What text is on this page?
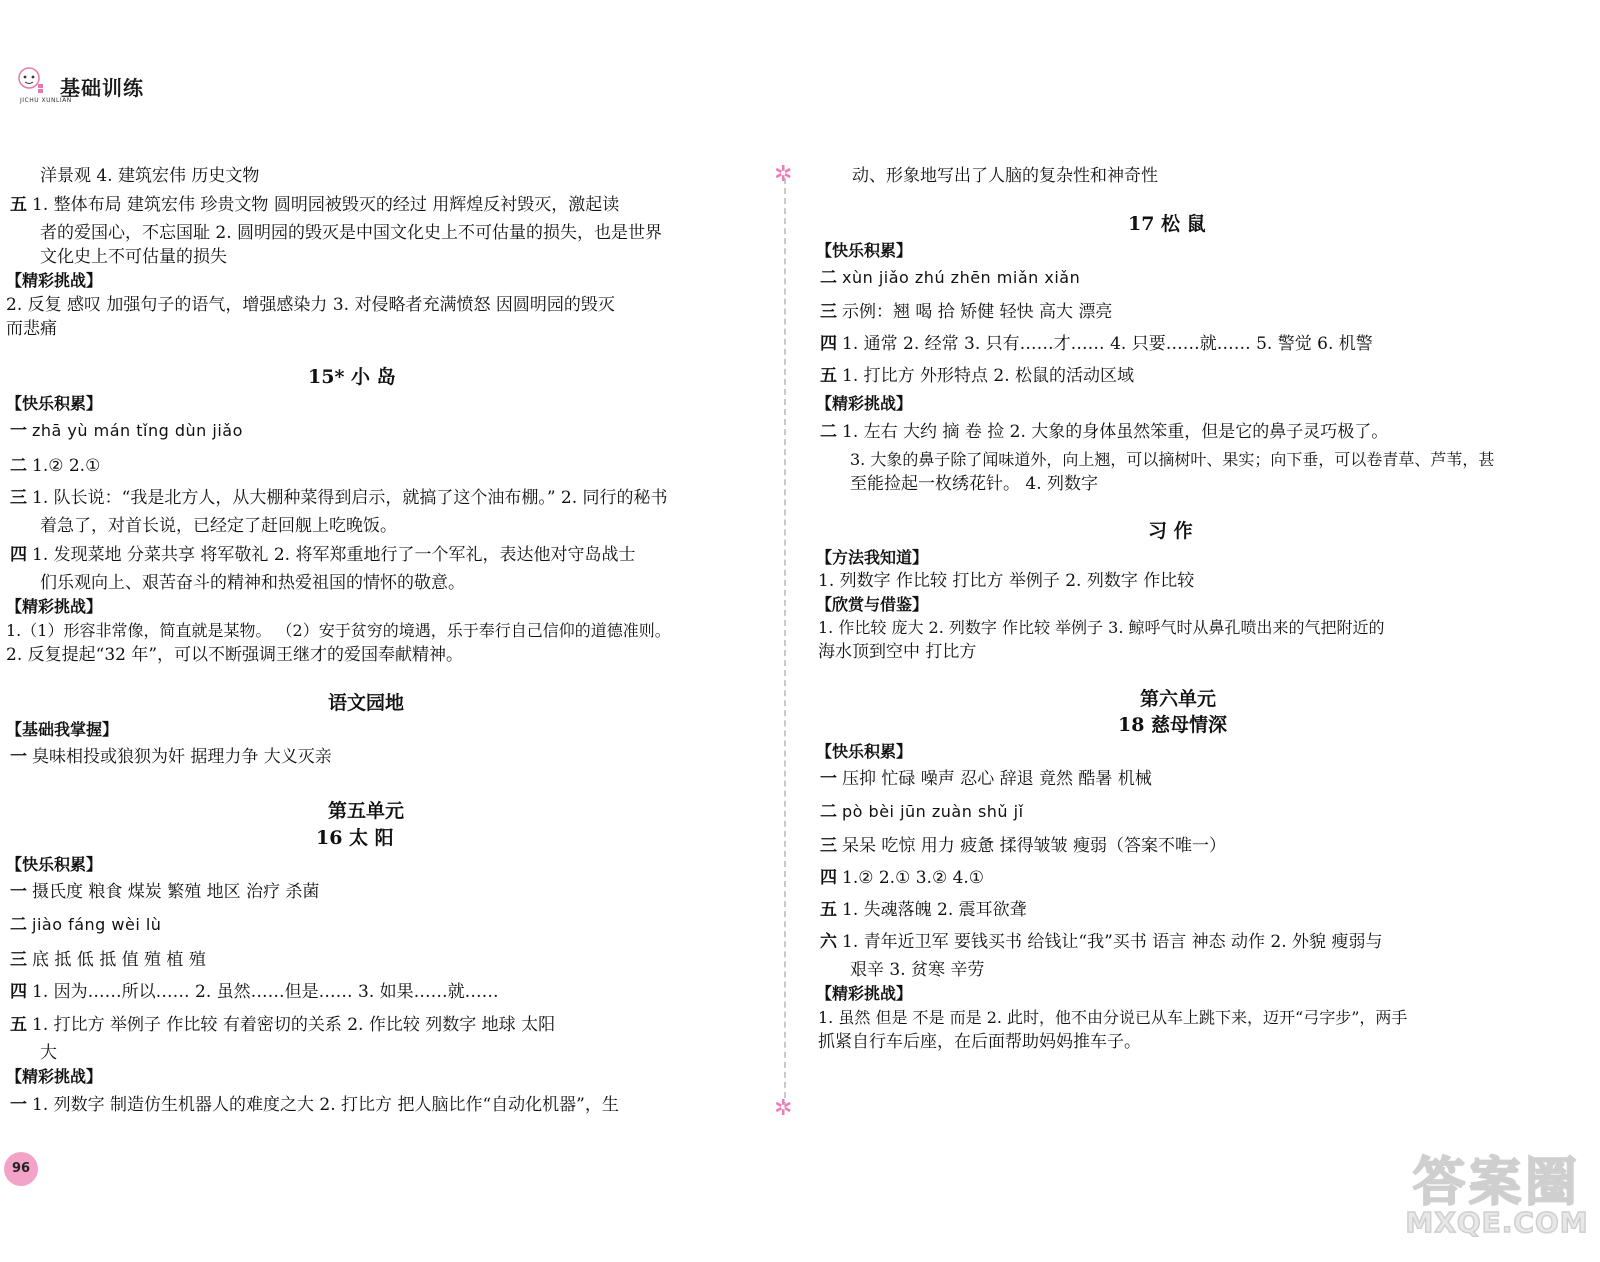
基础训练
JICHU XUNLIAN
洋景观 4. 建筑宏伟 历史文物
五 1. 整体布局 建筑宏伟 珍贵文物 圆明园被毁灭的经过 用辉煌反衬毁灭，激起读
者的爱国心，不忘国耻 2. 圆明园的毁灭是中国文化史上不可估量的损失，也是世界
文化史上不可估量的损失
【精彩挑战】
2. 反复 感叹 加强句子的语气，增强感染力 3. 对侵略者充满愤怒 因圆明园的毁灭
而悲痛
15* 小 岛
【快乐积累】
一 zhā yù mán tǐng dùn jiǎo
二 1.② 2.①
三 1. 队长说：“我是北方人，从大棚种菜得到启示，就搞了这个油布棚。” 2. 同行的秘书
着急了，对首长说，已经定了赶回舰上吃晚饭。
四 1. 发现菜地 分菜共享 将军敬礼 2. 将军郑重地行了一个军礼，表达他对守岛战士
们乐观向上、艰苦奋斗的精神和热爱祖国的情怀的敬意。
【精彩挑战】
1.（1）形容非常像，简直就是某物。 （2）安于贫穷的境遇，乐于奉行自己信仰的道德准则。
2. 反复提起“32 年”，可以不断强调王继才的爱国奉献精神。
语文园地
【基础我掌握】
一 臭味相投或狼狈为奸 据理力争 大义灭亲
第五单元
16 太 阳
【快乐积累】
一 摄氏度 粮食 煤炭 繁殖 地区 治疗 杀菌
二 jiào fáng wèi lù
三 底 抵 低 抵 值 殖 植 殖
四 1. 因为……所以…… 2. 虽然……但是…… 3. 如果……就……
五 1. 打比方 举例子 作比较 有着密切的关系 2. 作比较 列数字 地球 太阳
大
【精彩挑战】
一 1. 列数字 制造仿生机器人的难度之大 2. 打比方 把人脑比作“自动化机器”，生
✲
✲
动、形象地写出了人脑的复杂性和神奇性
17 松 鼠
【快乐积累】
二 xùn jiǎo zhú zhēn miǎn xiǎn
三 示例：翘 喝 拾 矫健 轻快 高大 漂亮
四 1. 通常 2. 经常 3. 只有……才…… 4. 只要……就…… 5. 警觉 6. 机警
五 1. 打比方 外形特点 2. 松鼠的活动区域
【精彩挑战】
二 1. 左右 大约 摘 卷 捡 2. 大象的身体虽然笨重，但是它的鼻子灵巧极了。
3. 大象的鼻子除了闻味道外，向上翘，可以摘树叶、果实；向下垂，可以卷青草、芦苇，甚
至能捡起一枚绣花针。 4. 列数字
习 作
【方法我知道】
1. 列数字 作比较 打比方 举例子 2. 列数字 作比较
【欣赏与借鉴】
1. 作比较 庞大 2. 列数字 作比较 举例子 3. 鲸呼气时从鼻孔喷出来的气把附近的
海水顶到空中 打比方
第六单元
18 慈母情深
【快乐积累】
一 压抑 忙碌 噪声 忍心 辞退 竟然 酷暑 机械
二 pò bèi jūn zuàn shǔ jǐ
三 呆呆 吃惊 用力 疲惫 揉得皱皱 瘦弱（答案不唯一）
四 1.② 2.① 3.② 4.①
五 1. 失魂落魄 2. 震耳欲聋
六 1. 青年近卫军 要钱买书 给钱让“我”买书 语言 神态 动作 2. 外貌 瘦弱与
艰辛 3. 贫寒 辛劳
【精彩挑战】
1. 虽然 但是 不是 而是 2. 此时，他不由分说已从车上跳下来，迈开“弓字步”，两手
抓紧自行车后座，在后面帮助妈妈推车子。
96	答案圈
MXQE.COM
